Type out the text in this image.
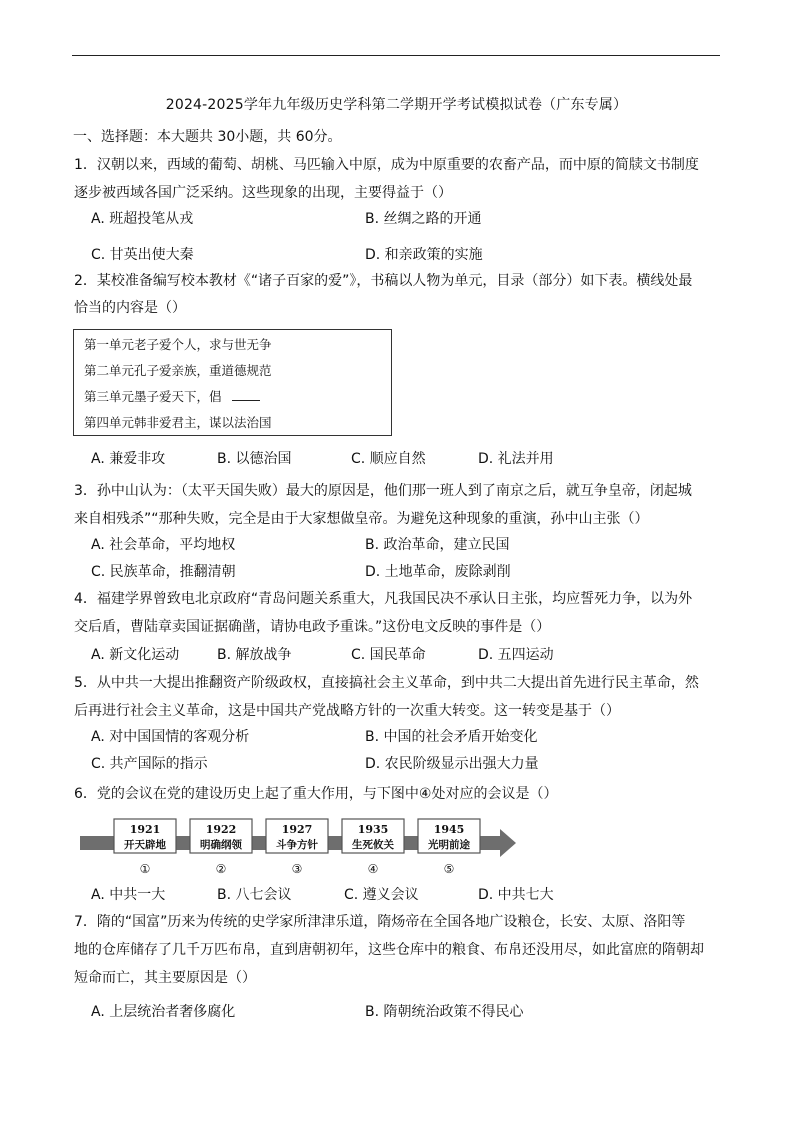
2024-2025学年九年级历史学科第二学期开学考试模拟试卷（广东专属）
一、选择题：本大题共 30小题，共 60分。
1．汉朝以来，西域的葡萄、胡桃、马匹输入中原，成为中原重要的农畜产品，而中原的简牍文书制度
逐步被西域各国广泛采纳。这些现象的出现，主要得益于（）
A. 班超投笔从戎	B. 丝绸之路的开通
C. 甘英出使大秦	D. 和亲政策的实施
2．某校准备编写校本教材《“诸子百家的爱”》，书稿以人物为单元，目录（部分）如下表。横线处最
恰当的内容是（）
第一单元老子爱个人，求与世无争
第二单元孔子爱亲族，重道德规范
第三单元墨子爱天下，倡
第四单元韩非爱君主，谋以法治国
A. 兼爱非攻	B. 以德治国	C. 顺应自然	D. 礼法并用
3．孙中山认为：（太平天国失败）最大的原因是，他们那一班人到了南京之后，就互争皇帝，闭起城
来自相残杀”“那种失败，完全是由于大家想做皇帝。为避免这种现象的重演，孙中山主张（）
A. 社会革命，平均地权	B. 政治革命，建立民国
C. 民族革命，推翻清朝	D. 土地革命，废除剥削
4．福建学界曾致电北京政府“青岛问题关系重大，凡我国民决不承认日主张，均应誓死力争，以为外
交后盾，曹陆章卖国证据确凿，请协电政予重诛。”这份电文反映的事件是（）
A. 新文化运动	B. 解放战争	C. 国民革命	D. 五四运动
5．从中共一大提出推翻资产阶级政权，直接搞社会主义革命，到中共二大提出首先进行民主革命，然
后再进行社会主义革命，这是中国共产党战略方针的一次重大转变。这一转变是基于（）
A. 对中国国情的客观分析	B. 中国的社会矛盾开始变化
C. 共产国际的指示	D. 农民阶级显示出强大力量
6．党的会议在党的建设历史上起了重大作用，与下图中④处对应的会议是（）
1921
开天辟地
①
1922
明确纲领
②
1927
斗争方针
③
1935
生死攸关
④
1945
光明前途
⑤
A. 中共一大	B. 八七会议	C. 遵义会议	D. 中共七大
7．隋的“国富”历来为传统的史学家所津津乐道，隋炀帝在全国各地广设粮仓，长安、太原、洛阳等
地的仓库储存了几千万匹布帛，直到唐朝初年，这些仓库中的粮食、布帛还没用尽，如此富庶的隋朝却
短命而亡，其主要原因是（）
A. 上层统治者奢侈腐化	B. 隋朝统治政策不得民心
